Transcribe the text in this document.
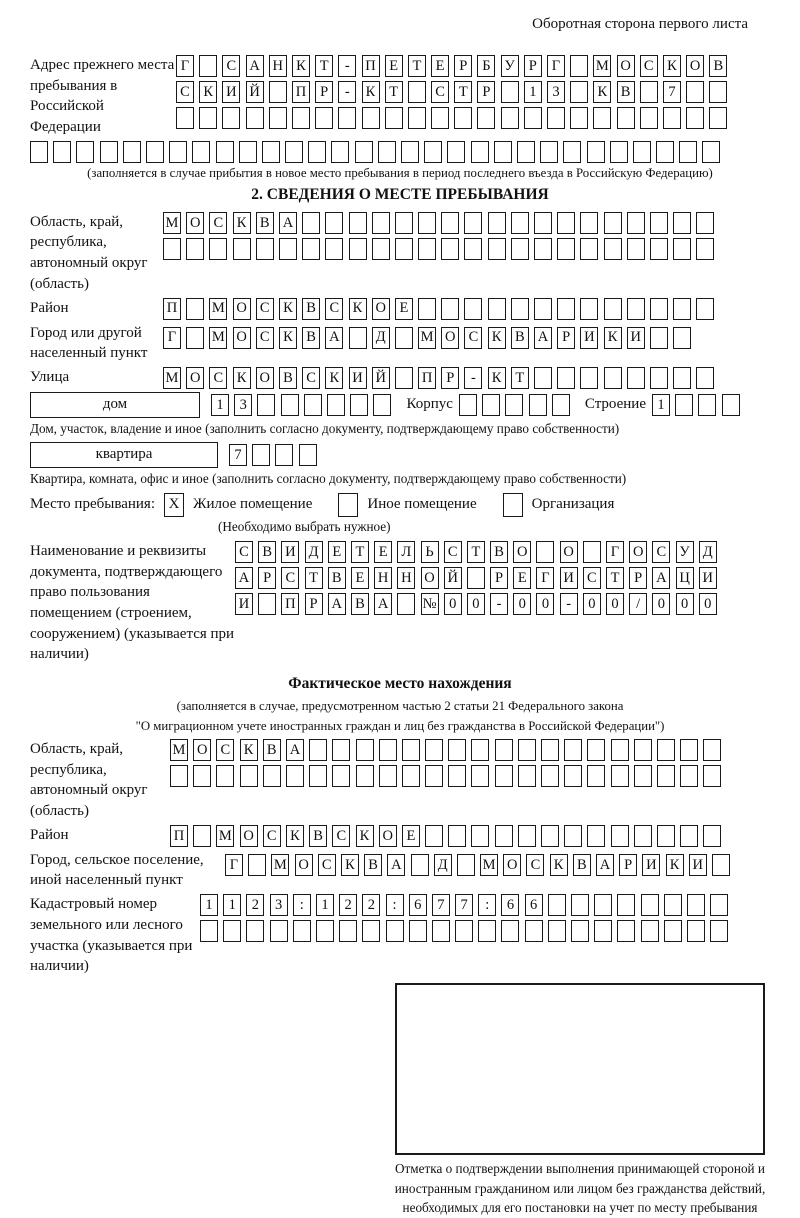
Оборотная сторона первого листа
Адрес прежнего места пребывания в Российской Федерации
Г	С А Н К Т	-	П Е Т Е	Р	Б У Р	Г	М О С К О В
С К И Й П Р	-	К Т	С Т	Р	1	3	К В	7
(заполняется в случае прибытия в новое место пребывания в период последнего въезда в Российскую Федерацию)
2. СВЕДЕНИЯ О МЕСТЕ ПРЕБЫВАНИЯ
Область, край, республика, автономный округ (область)
М О С К В А
Район	П М О С К В С К О Е
Город или другой населенный пункт
Г	М О С К В А Д М О С К В А Р И К И
Улица	М О С К О В С К И Й П Р	-	К Т
дом	1	3	Корпус	Строение 1
Дом, участок, владение и иное (заполнить согласно документу, подтверждающему право собственности)
квартира	7
Квартира, комната, офис и иное (заполнить согласно документу, подтверждающему право собственности)
Место пребывания: X Жилое помещение	Иное помещение	Организация
(Необходимо выбрать нужное)
Наименование и реквизиты документа, подтверждающего право пользования помещением (строением, сооружением) (указывается при наличии)
С В И Д Е Т Е Л Ь С Т В О О	Г О С У Д
А Р С Т В Е Н Н О Й	Р	Е	Г И С Т	Р А Ц И
И П Р А В А № 0	0	-	0	0	-	0	0	/	0	0	0
Фактическое место нахождения
(заполняется в случае, предусмотренном частью 2 статьи 21 Федерального закона
"О миграционном учете иностранных граждан и лиц без гражданства в Российской Федерации")
Область, край, республика, автономный округ (область)
М О С К В А
Район	П М О С К В С К О Е
Город, сельское поселение, иной населенный пункт
Г	М О С К В А Д М О С К В А Р И К И
Кадастровый номер земельного или лесного участка (указывается при наличии)
1	1	2	3	:	1	2	2	:	6	7	7	:	6	6
Отметка о подтверждении выполнения принимающей стороной и иностранным гражданином или лицом без гражданства действий, необходимых для его постановки на учет по месту пребывания
